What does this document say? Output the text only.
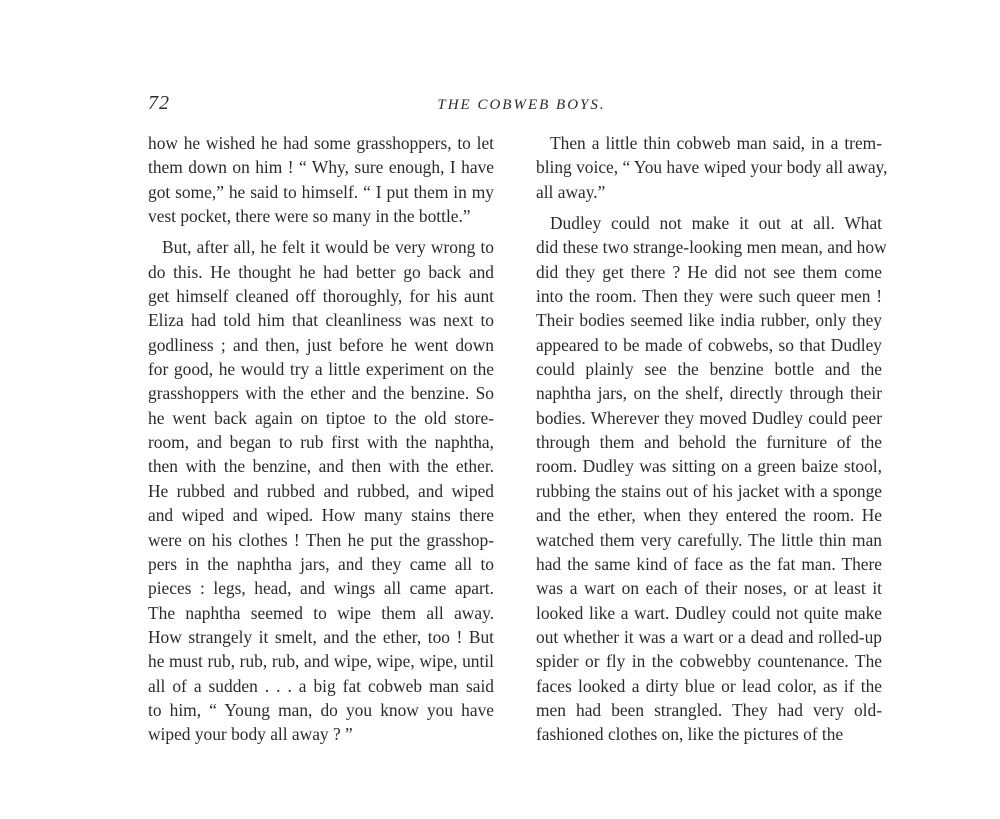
72	THE COBWEB BOYS.
how he wished he had some grasshoppers, to let
them down on him ! “ Why, sure enough, I have
got some,” he said to himself. “ I put them in my
vest pocket, there were so many in the bottle.”
But, after all, he felt it would be very wrong to
do this. He thought he had better go back and
get himself cleaned off thoroughly, for his aunt
Eliza had told him that cleanliness was next to
godliness ; and then, just before he went down
for good, he would try a little experiment on the
grasshoppers with the ether and the benzine. So
he went back again on tiptoe to the old store-
room, and began to rub first with the naphtha,
then with the benzine, and then with the ether.
He rubbed and rubbed and rubbed, and wiped
and wiped and wiped. How many stains there
were on his clothes ! Then he put the grasshop-
pers in the naphtha jars, and they came all to
pieces : legs, head, and wings all came apart.
The naphtha seemed to wipe them all away.
How strangely it smelt, and the ether, too ! But
he must rub, rub, rub, and wipe, wipe, wipe, until
all of a sudden . . . a big fat cobweb man said
to him, “ Young man, do you know you have
wiped your body all away ? ”
Then a little thin cobweb man said, in a trem-
bling voice, “ You have wiped your body all away,
all away.”
Dudley could not make it out at all. What
did these two strange-looking men mean, and how
did they get there ? He did not see them come
into the room. Then they were such queer men !
Their bodies seemed like india rubber, only they
appeared to be made of cobwebs, so that Dudley
could plainly see the benzine bottle and the
naphtha jars, on the shelf, directly through their
bodies. Wherever they moved Dudley could peer
through them and behold the furniture of the
room. Dudley was sitting on a green baize stool,
rubbing the stains out of his jacket with a sponge
and the ether, when they entered the room. He
watched them very carefully. The little thin man
had the same kind of face as the fat man. There
was a wart on each of their noses, or at least it
looked like a wart. Dudley could not quite make
out whether it was a wart or a dead and rolled-up
spider or fly in the cobwebby countenance. The
faces looked a dirty blue or lead color, as if the
men had been strangled. They had very old-
fashioned clothes on, like the pictures of the
